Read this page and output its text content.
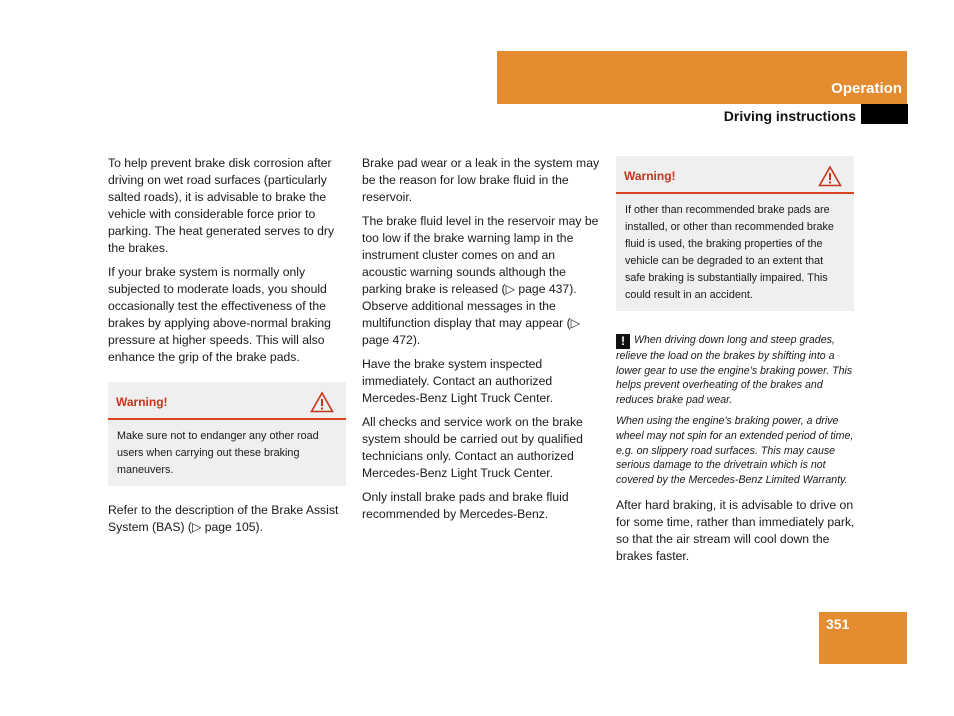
Operation
Driving instructions

To help prevent brake disk corrosion after driving on wet road surfaces (particularly salted roads), it is advisable to brake the vehicle with considerable force prior to parking. The heat generated serves to dry the brakes.

If your brake system is normally only subjected to moderate loads, you should occasionally test the effectiveness of the brakes by applying above-normal braking pressure at higher speeds. This will also enhance the grip of the brake pads.

Warning!
Make sure not to endanger any other road users when carrying out these braking maneuvers.

Refer to the description of the Brake Assist System (BAS) (▷ page 105).

Brake pad wear or a leak in the system may be the reason for low brake fluid in the reservoir.

The brake fluid level in the reservoir may be too low if the brake warning lamp in the instrument cluster comes on and an acoustic warning sounds although the parking brake is released (▷ page 437). Observe additional messages in the multifunction display that may appear (▷ page 472).

Have the brake system inspected immediately. Contact an authorized Mercedes-Benz Light Truck Center.

All checks and service work on the brake system should be carried out by qualified technicians only. Contact an authorized Mercedes-Benz Light Truck Center.

Only install brake pads and brake fluid recommended by Mercedes-Benz.

Warning!
If other than recommended brake pads are installed, or other than recommended brake fluid is used, the braking properties of the vehicle can be degraded to an extent that safe braking is substantially impaired. This could result in an accident.

! When driving down long and steep grades, relieve the load on the brakes by shifting into a lower gear to use the engine’s braking power. This helps prevent overheating of the brakes and reduces brake pad wear.

When using the engine’s braking power, a drive wheel may not spin for an extended period of time, e.g. on slippery road surfaces. This may cause serious damage to the drivetrain which is not covered by the Mercedes-Benz Limited Warranty.

After hard braking, it is advisable to drive on for some time, rather than immediately park, so that the air stream will cool down the brakes faster.

351
